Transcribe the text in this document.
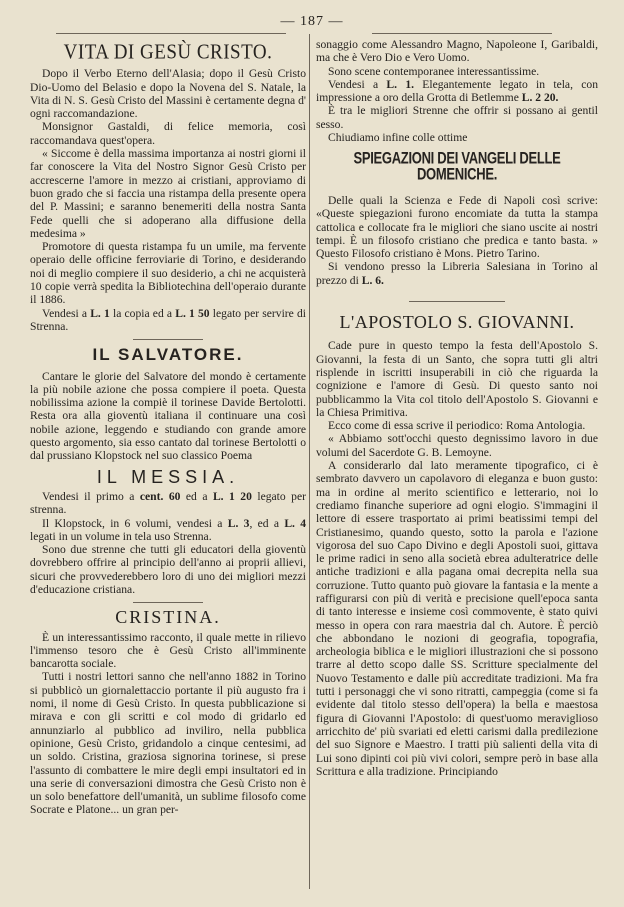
— 187 —
VITA DI GESÙ CRISTO.

Dopo il Verbo Eterno dell'Alasia; dopo il Gesù Cristo Dio-Uomo del Belasio e dopo la Novena del S. Natale, la Vita di N. S. Gesù Cristo del Massini è certamente degna d' ogni raccomandazione.

Monsignor Gastaldi, di felice memoria, così raccomandava quest'opera.

« Siccome è della massima importanza ai nostri giorni il far conoscere la Vita del Nostro Signor Gesù Cristo per accrescerne l'amore in mezzo ai cristiani, approviamo di buon grado che si faccia una ristampa della presente opera del P. Massini; e saranno benemeriti della nostra Santa Fede quelli che si adoperano alla diffusione della medesima »

Promotore di questa ristampa fu un umile, ma fervente operaio delle officine ferroviarie di Torino, e desiderando noi di meglio compiere il suo desiderio, a chi ne acquisterà 10 copie verrà spedita la Bibliotechina dell'operaio durante il 1886.

Vendesi a L. 1 la copia ed a L. 1 50 legato per servire di Strenna.

IL SALVATORE.

Cantare le glorie del Salvatore del mondo è certamente la più nobile azione che possa compiere il poeta. Questa nobilissima azione la compiè il torinese Davide Bertolotti. Resta ora alla gioventù italiana il continuare una così nobile azione, leggendo e studiando con grande amore questo argomento, sia esso cantato dal torinese Bertolotti o dal prussiano Klopstock nel suo classico Poema

IL MESSIA.

Vendesi il primo a cent. 60 ed a L. 1 20 legato per strenna.

Il Klopstock, in 6 volumi, vendesi a L. 3, ed a L. 4 legati in un volume in tela uso Strenna.

Sono due strenne che tutti gli educatori della gioventù dovrebbero offrire al principio dell'anno ai proprii allievi, sicuri che provvederebbero loro di uno dei migliori mezzi d'educazione cristiana.

CRISTINA.

È un interessantissimo racconto, il quale mette in rilievo l'immenso tesoro che è Gesù Cristo all'imminente bancarotta sociale.

Tutti i nostri lettori sanno che nell'anno 1882 in Torino si pubblicò un giornalettaccio portante il più augusto fra i nomi, il nome di Gesù Cristo. In questa pubblicazione si mirava e con gli scritti e col modo di gridarlo ed annunziarlo al pubblico ad inviliro, nella pubblica opinione, Gesù Cristo, gridandolo a cinque centesimi, ad un soldo. Cristina, graziosa signorina torinese, si prese l'assunto di combattere le mire degli empi insultatori ed in una serie di conversazioni dimostra che Gesù Cristo non è un solo benefattore dell'umanità, un sublime filosofo come Socrate e Platone... un gran per-

sonaggio come Alessandro Magno, Napoleone I, Garibaldi, ma che è Vero Dio e Vero Uomo.

Sono scene contemporanee interessantissime.

Vendesi a L. 1. Elegantemente legato in tela, con impressione a oro della Grotta di Betlemme L. 2 20.

È tra le migliori Strenne che offrir si possano ai gentil sesso.

Chiudiamo infine colle ottime

SPIEGAZIONI DEI VANGELI DELLE DOMENICHE.

Delle quali la Scienza e Fede di Napoli così scrive: «Queste spiegazioni furono encomiate da tutta la stampa cattolica e collocate fra le migliori che siano uscite ai nostri tempi. È un filosofo cristiano che predica e tanto basta. » Questo Filosofo cristiano è Mons. Pietro Tarino.

Si vendono presso la Libreria Salesiana in Torino al prezzo di L. 6.

L'APOSTOLO S. GIOVANNI.

Cade pure in questo tempo la festa dell'Apostolo S. Giovanni, la festa di un Santo, che sopra tutti gli altri risplende in iscritti insuperabili in ciò che riguarda la cognizione e l'amore di Gesù. Di questo santo noi pubblicammo la Vita col titolo dell'Apostolo S. Giovanni e la Chiesa Primitiva.

Ecco come di essa scrive il periodico: Roma Antologia.

« Abbiamo sott'occhi questo degnissimo lavoro in due volumi del Sacerdote G. B. Lemoyne.

A considerarlo dal lato meramente tipografico, ci è sembrato davvero un capolavoro di eleganza e buon gusto: ma in ordine al merito scientifico e letterario, noi lo crediamo finanche superiore ad ogni elogio. S'immagini il lettore di essere trasportato ai primi beatissimi tempi del Cristianesimo, quando questo, sotto la parola e l'azione vigorosa del suo Capo Divino e degli Apostoli suoi, gittava le prime radici in seno alla società ebrea adulteratrice delle antiche tradizioni e alla pagana omai decrepita nella sua corruzione. Tutto quanto può giovare la fantasia e la mente a raffigurarsi con più di verità e precisione quell'epoca santa di tanto interesse e insieme così commovente, è stato quivi messo in opera con rara maestria dal ch. Autore. È perciò che abbondano le nozioni di geografia, topografia, archeologia biblica e le migliori illustrazioni che si possono trarre al detto scopo dalle SS. Scritture specialmente del Nuovo Testamento e dalle più accreditate tradizioni. Ma fra tutti i personaggi che vi sono ritratti, campeggia (come si fa evidente dal titolo stesso dell'opera) la bella e maestosa figura di Giovanni l'Apostolo: di quest'uomo meraviglioso arricchito de' più svariati ed eletti carismi dalla predilezione del suo Signore e Maestro. I tratti più salienti della vita di Lui sono dipinti coi più vivi colori, sempre però in base alla Scrittura e alla tradizione. Principiando
